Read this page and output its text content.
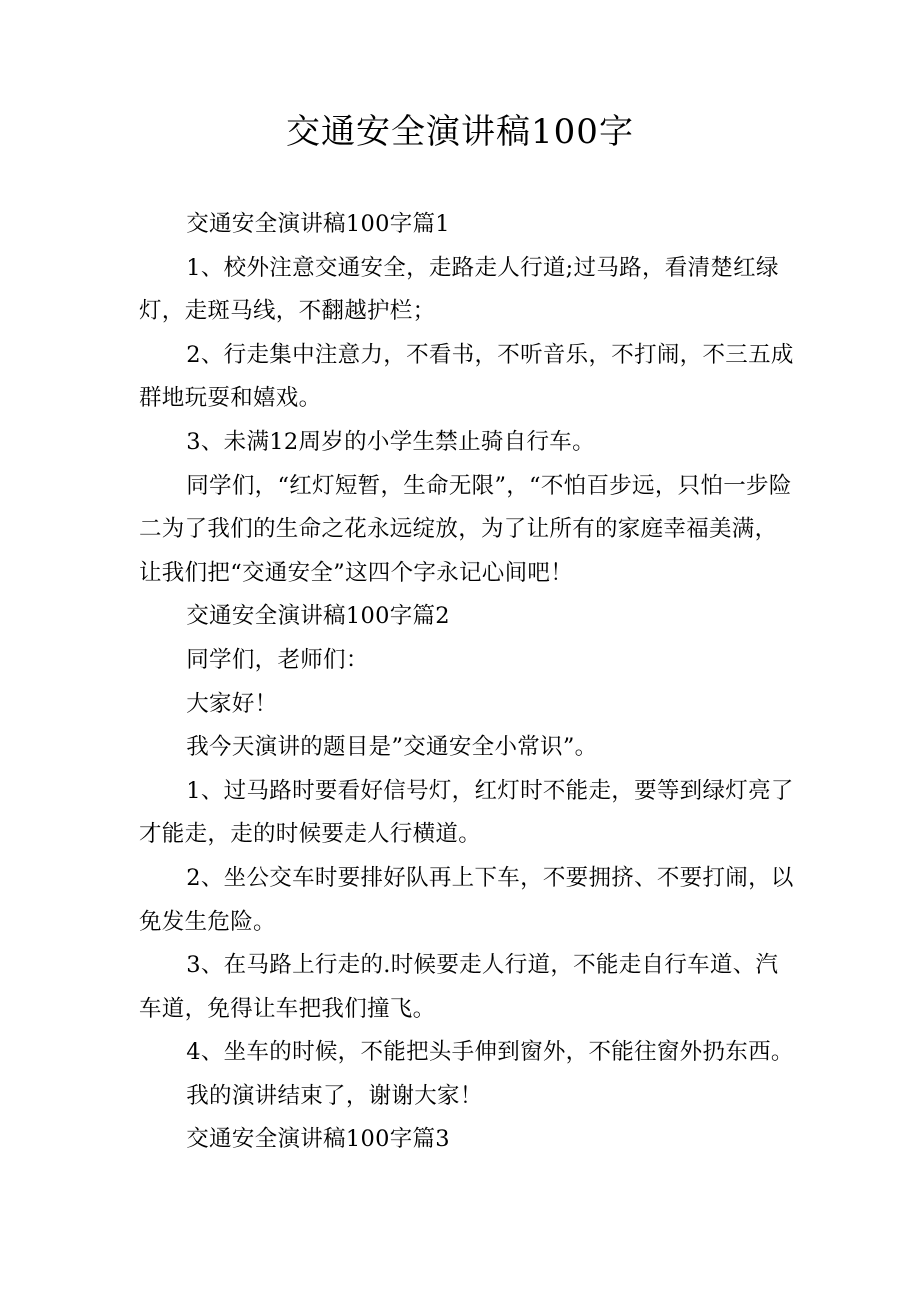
交通安全演讲稿100字

交通安全演讲稿100字篇1

1、校外注意交通安全，走路走人行道;过马路，看清楚红绿灯，走斑马线，不翻越护栏；

2、行走集中注意力，不看书，不听音乐，不打闹，不三五成群地玩耍和嬉戏。

3、未满12周岁的小学生禁止骑自行车。

同学们，“红灯短暂，生命无限”，“不怕百步远，只怕一步险二为了我们的生命之花永远绽放，为了让所有的家庭幸福美满，让我们把“交通安全”这四个字永记心间吧！

交通安全演讲稿100字篇2

同学们，老师们：

大家好！

我今天演讲的题目是”交通安全小常识”。

1、过马路时要看好信号灯，红灯时不能走，要等到绿灯亮了才能走，走的时候要走人行横道。

2、坐公交车时要排好队再上下车，不要拥挤、不要打闹，以免发生危险。

3、在马路上行走的.时候要走人行道，不能走自行车道、汽车道，免得让车把我们撞飞。

4、坐车的时候，不能把头手伸到窗外，不能往窗外扔东西。

我的演讲结束了，谢谢大家！

交通安全演讲稿100字篇3
